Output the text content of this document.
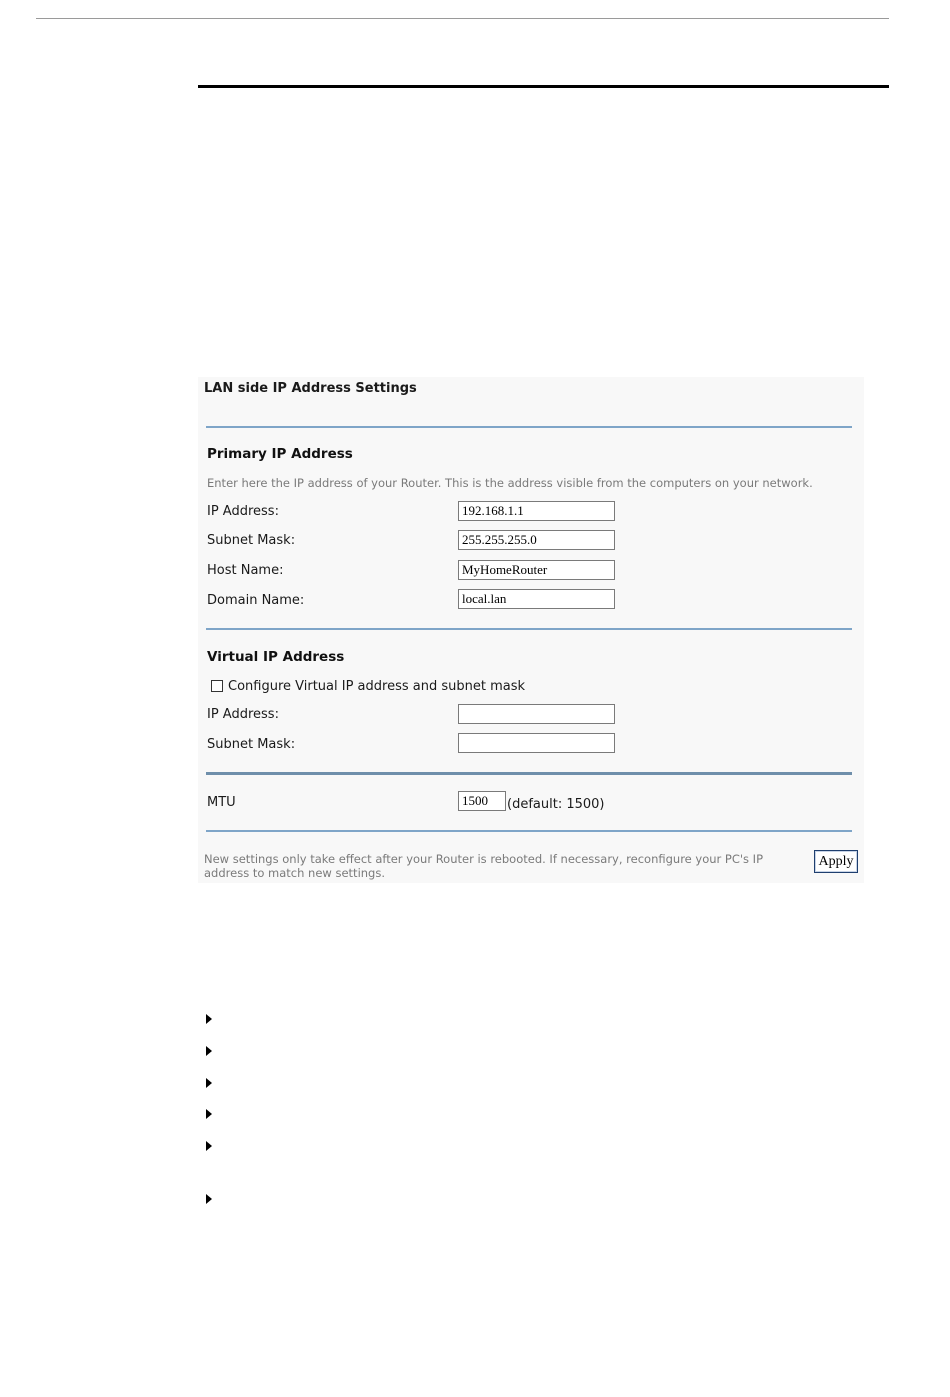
LAN side IP Address Settings
Primary IP Address
Enter here the IP address of your Router. This is the address visible from the computers on your network.
IP Address:
192.168.1.1
Subnet Mask:
255.255.255.0
Host Name:
MyHomeRouter
Domain Name:
local.lan
Virtual IP Address
Configure Virtual IP address and subnet mask
IP Address:
Subnet Mask:
MTU
1500	(default: 1500)
New settings only take effect after your Router is rebooted. If necessary, reconfigure your PC's IP address to match new settings.
Apply
